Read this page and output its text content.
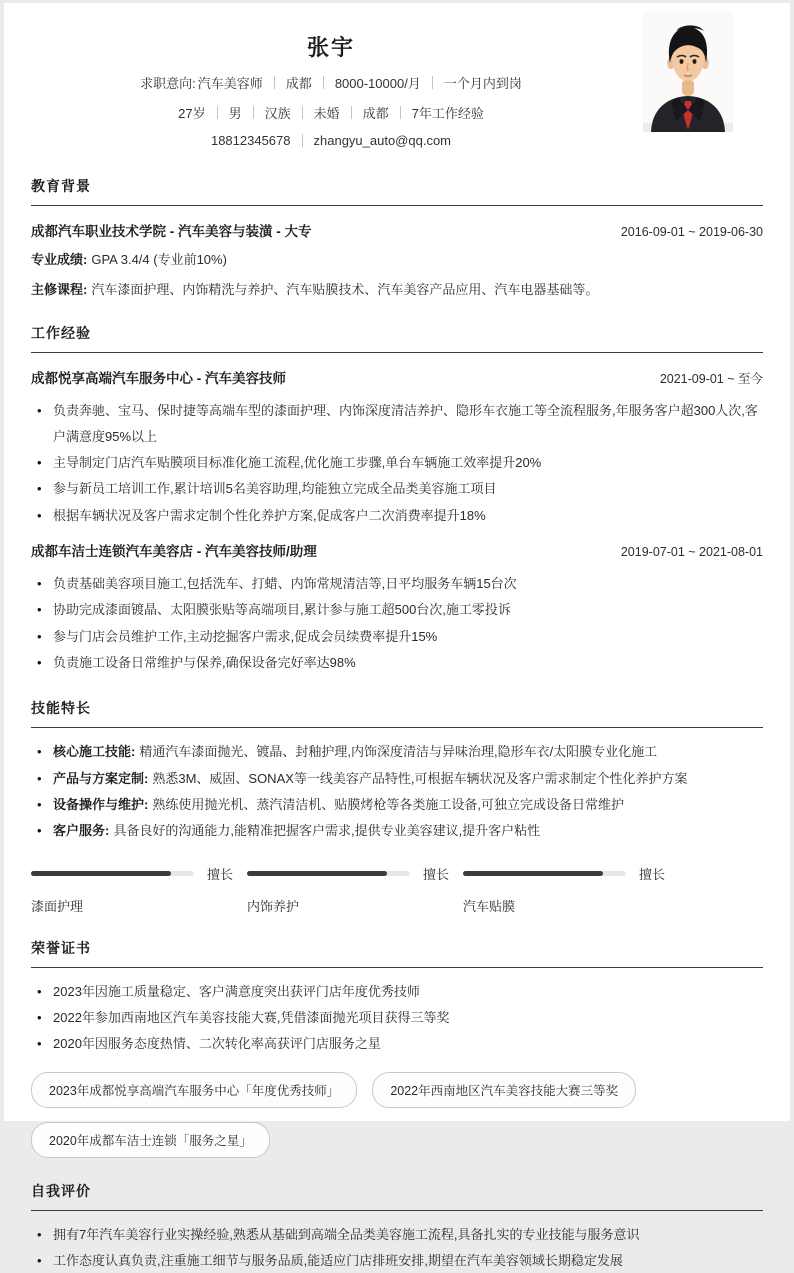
张宇
求职意向: 汽车美容师 成都 8000-10000/月 一个月内到岗
27岁 男 汉族 未婚 成都 7年工作经验
18812345678 zhangyu_auto@qq.com
教育背景
成都汽车职业技术学院 - 汽车美容与装潢 - 大专	2016-09-01 ~ 2019-06-30
专业成绩: GPA 3.4/4 (专业前10%)
主修课程: 汽车漆面护理、内饰精洗与养护、汽车贴膜技术、汽车美容产品应用、汽车电器基础等。
工作经验
成都悦享高端汽车服务中心 - 汽车美容技师	2021-09-01 ~ 至今
• 负责奔驰、宝马、保时捷等高端车型的漆面护理、内饰深度清洁养护、隐形车衣施工等全流程服务,年服务客户超300人次,客户满意度95%以上
• 主导制定门店汽车贴膜项目标准化施工流程,优化施工步骤,单台车辆施工效率提升20%
• 参与新员工培训工作,累计培训5名美容助理,均能独立完成全品类美容施工项目
• 根据车辆状况及客户需求定制个性化养护方案,促成客户二次消费率提升18%
成都车洁士连锁汽车美容店 - 汽车美容技师/助理	2019-07-01 ~ 2021-08-01
• 负责基础美容项目施工,包括洗车、打蜡、内饰常规清洁等,日平均服务车辆15台次
• 协助完成漆面镀晶、太阳膜张贴等高端项目,累计参与施工超500台次,施工零投诉
• 参与门店会员维护工作,主动挖掘客户需求,促成会员续费率提升15%
• 负责施工设备日常维护与保养,确保设备完好率达98%
技能特长
• 核心施工技能: 精通汽车漆面抛光、镀晶、封釉护理,内饰深度清洁与异味治理,隐形车衣/太阳膜专业化施工
• 产品与方案定制: 熟悉3M、威固、SONAX等一线美容产品特性,可根据车辆状况及客户需求制定个性化养护方案
• 设备操作与维护: 熟练使用抛光机、蒸汽清洁机、贴膜烤枪等各类施工设备,可独立完成设备日常维护
• 客户服务: 具备良好的沟通能力,能精准把握客户需求,提供专业美容建议,提升客户粘性
擅长
漆面护理
擅长
内饰养护
擅长
汽车贴膜
荣誉证书
• 2023年因施工质量稳定、客户满意度突出获评门店年度优秀技师
• 2022年参加西南地区汽车美容技能大赛,凭借漆面抛光项目获得三等奖
• 2020年因服务态度热情、二次转化率高获评门店服务之星
2023年成都悦享高端汽车服务中心「年度优秀技师」	2022年西南地区汽车美容技能大赛三等奖
2020年成都车洁士连锁「服务之星」
自我评价
• 拥有7年汽车美容行业实操经验,熟悉从基础到高端全品类美容施工流程,具备扎实的专业技能与服务意识
• 工作态度认真负责,注重施工细节与服务品质,能适应门店排班安排,期望在汽车美容领域长期稳定发展
